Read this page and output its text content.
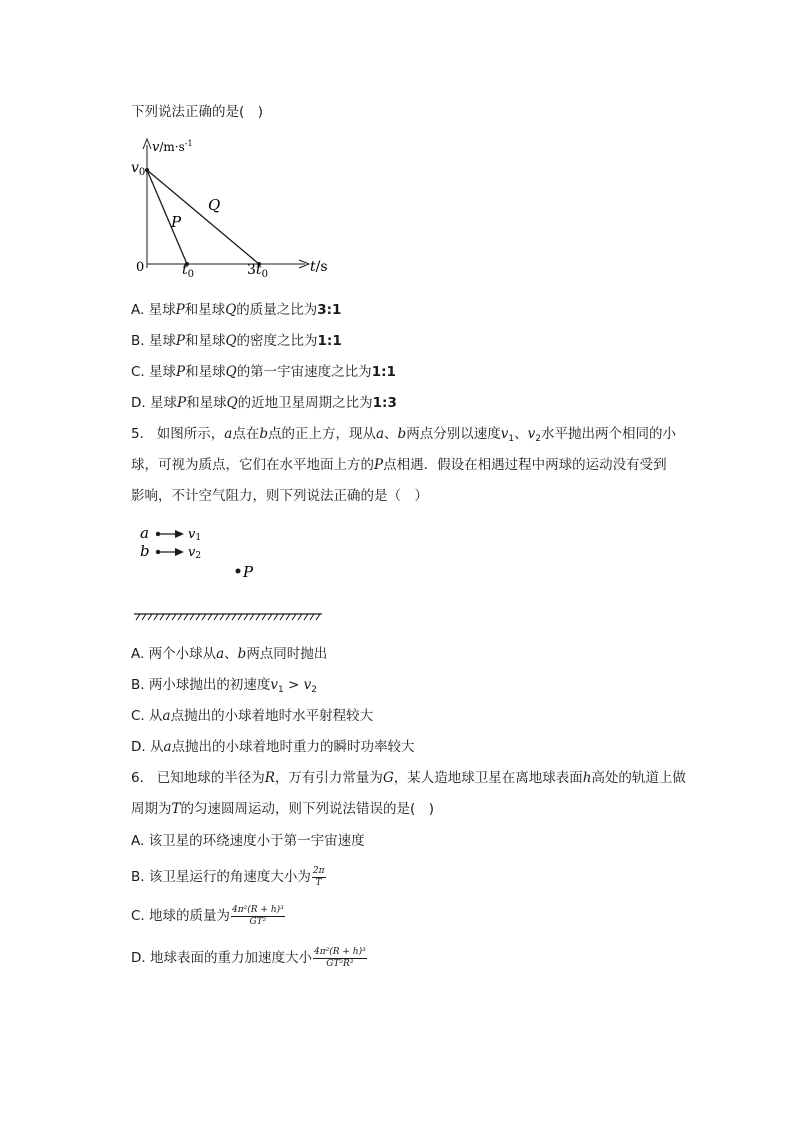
下列说法正确的是(　)
$v/m\cdot s^{-1}$
$v_0$
0
P
Q
$t_0$	$3t_0$	t/s
A. 星球P和星球Q的质量之比为3:1
B. 星球P和星球Q的密度之比为1:1
C. 星球P和星球Q的第一宇宙速度之比为1:1
D. 星球P和星球Q的近地卫星周期之比为1:3
5. 如图所示，a点在b点的正上方，现从a、b两点分别以速度$v_1$、$v_2$水平抛出两个相同的小
球，可视为质点，它们在水平地面上方的P点相遇．假设在相遇过程中两球的运动没有受到
影响，不计空气阻力，则下列说法正确的是（　）
a	v1
b	v2
P
A. 两个小球从a、b两点同时抛出
B. 两小球抛出的初速度$v_1 > v_2$
C. 从a点抛出的小球着地时水平射程较大
D. 从a点抛出的小球着地时重力的瞬时功率较大
6. 已知地球的半径为R，万有引力常量为G，某人造地球卫星在离地球表面h高处的轨道上做
周期为T的匀速圆周运动，则下列说法错误的是(　)
A. 该卫星的环绕速度小于第一宇宙速度
B. 该卫星运行的角速度大小为 $\frac{2\pi}{T}$
C. 地球的质量为 $\frac{\text{4π²(R + h)³}}{\text{GT²}}$
D. 地球表面的重力加速度大小 $\frac{\text{4π²(R + h)³}}{\text{GT²R²}}$
